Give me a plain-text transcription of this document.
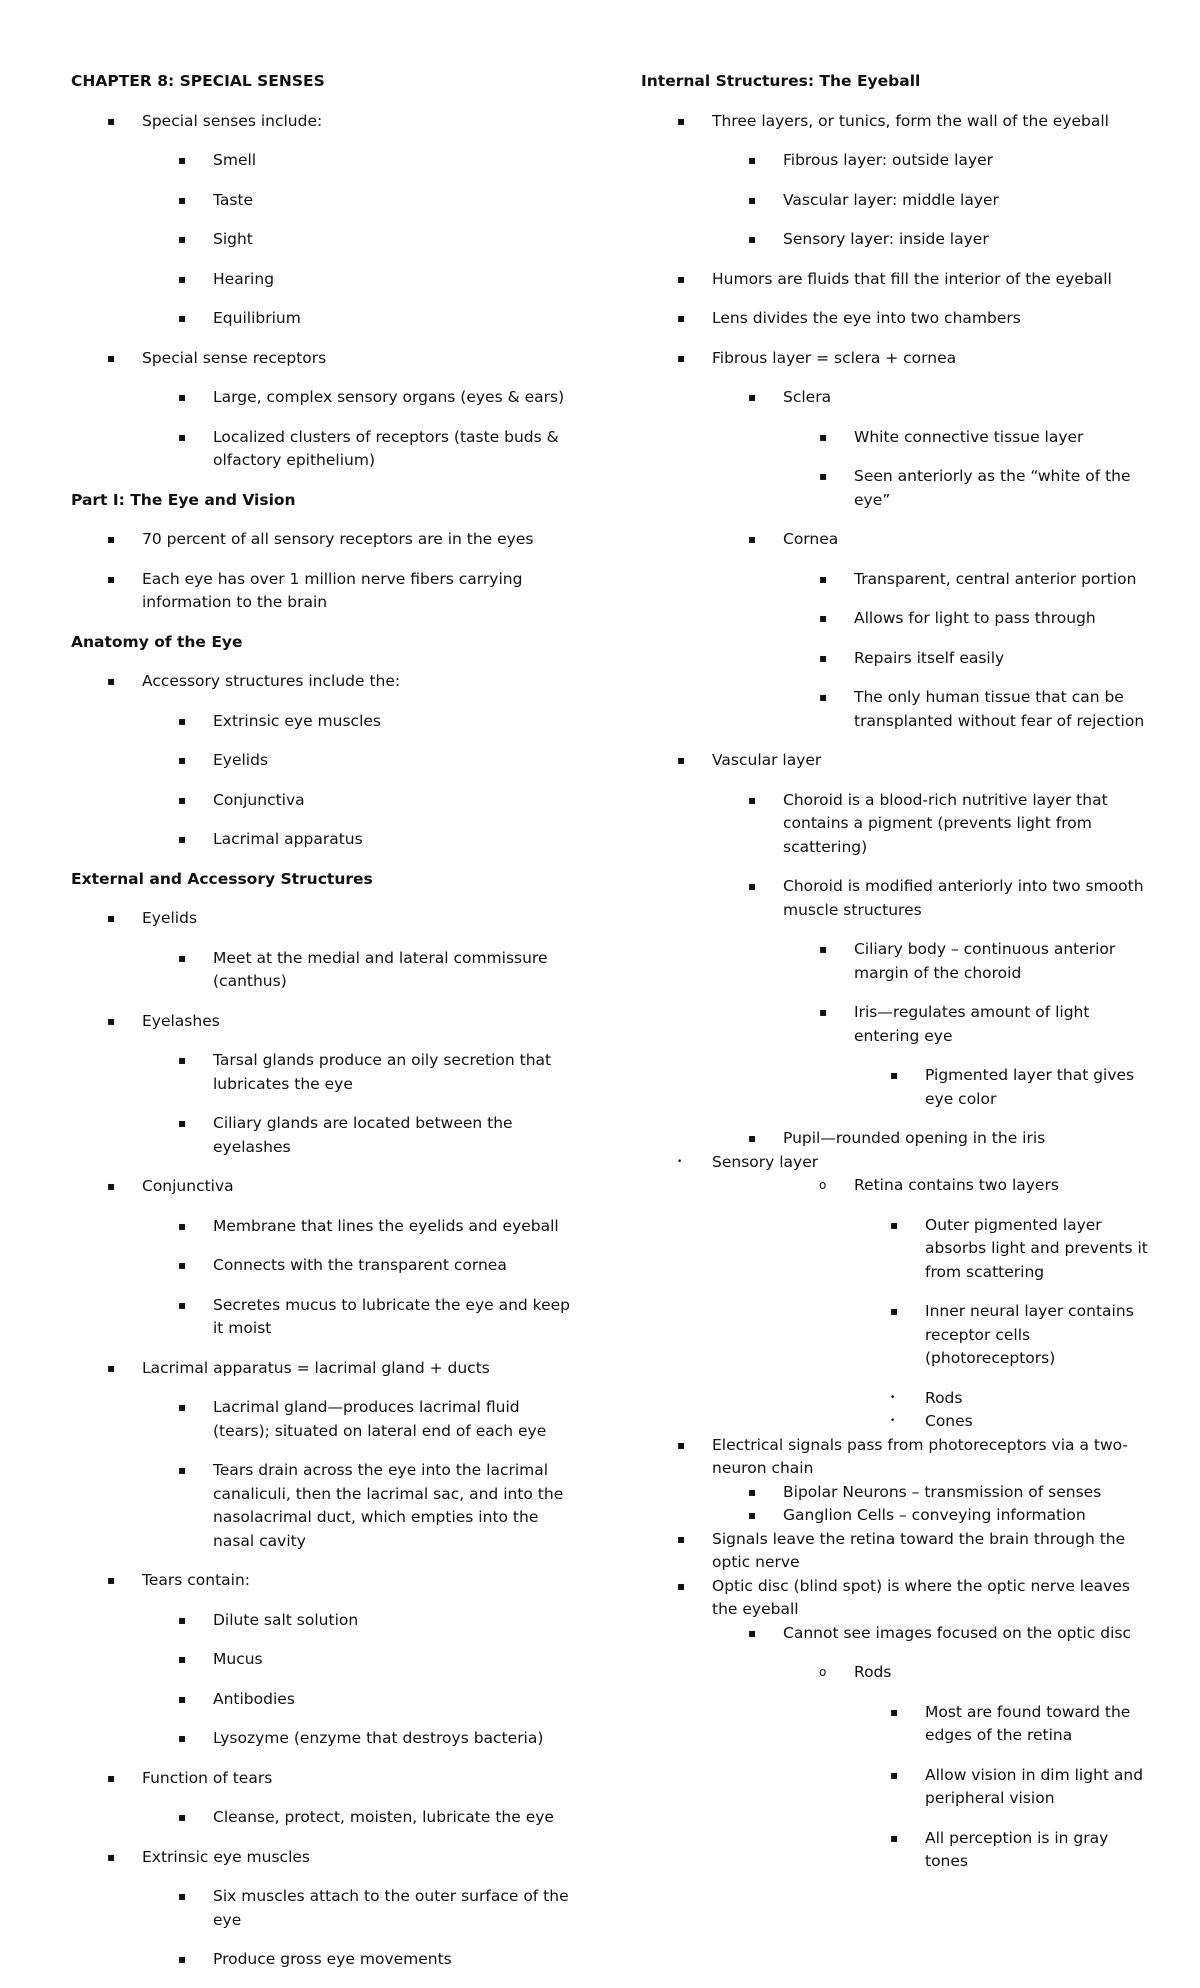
CHAPTER 8: SPECIAL SENSES
▪ Special senses include:
▪ Smell
▪ Taste
▪ Sight
▪ Hearing
▪ Equilibrium
▪ Special sense receptors
▪ Large, complex sensory organs (eyes & ears)
▪ Localized clusters of receptors (taste buds & olfactory epithelium)
Part I: The Eye and Vision
▪ 70 percent of all sensory receptors are in the eyes
▪ Each eye has over 1 million nerve fibers carrying information to the brain
Anatomy of the Eye
▪ Accessory structures include the:
▪ Extrinsic eye muscles
▪ Eyelids
▪ Conjunctiva
▪ Lacrimal apparatus
External and Accessory Structures
▪ Eyelids
▪ Meet at the medial and lateral commissure (canthus)
▪ Eyelashes
▪ Tarsal glands produce an oily secretion that lubricates the eye
▪ Ciliary glands are located between the eyelashes
▪ Conjunctiva
▪ Membrane that lines the eyelids and eyeball
▪ Connects with the transparent cornea
▪ Secretes mucus to lubricate the eye and keep it moist
▪ Lacrimal apparatus = lacrimal gland + ducts
▪ Lacrimal gland—produces lacrimal fluid (tears); situated on lateral end of each eye
▪ Tears drain across the eye into the lacrimal canaliculi, then the lacrimal sac, and into the nasolacrimal duct, which empties into the nasal cavity
▪ Tears contain:
▪ Dilute salt solution
▪ Mucus
▪ Antibodies
▪ Lysozyme (enzyme that destroys bacteria)
▪ Function of tears
▪ Cleanse, protect, moisten, lubricate the eye
▪ Extrinsic eye muscles
▪ Six muscles attach to the outer surface of the eye
▪ Produce gross eye movements
Internal Structures: The Eyeball
▪ Three layers, or tunics, form the wall of the eyeball
▪ Fibrous layer: outside layer
▪ Vascular layer: middle layer
▪ Sensory layer: inside layer
▪ Humors are fluids that fill the interior of the eyeball
▪ Lens divides the eye into two chambers
▪ Fibrous layer = sclera + cornea
▪ Sclera
▪ White connective tissue layer
▪ Seen anteriorly as the “white of the eye”
▪ Cornea
▪ Transparent, central anterior portion
▪ Allows for light to pass through
▪ Repairs itself easily
▪ The only human tissue that can be transplanted without fear of rejection
▪ Vascular layer
▪ Choroid is a blood-rich nutritive layer that contains a pigment (prevents light from scattering)
▪ Choroid is modified anteriorly into two smooth muscle structures
▪ Ciliary body – continuous anterior margin of the choroid
▪ Iris—regulates amount of light entering eye
▪ Pigmented layer that gives eye color
▪ Pupil—rounded opening in the iris
• Sensory layer
o Retina contains two layers
▪ Outer pigmented layer absorbs light and prevents it from scattering
▪ Inner neural layer contains receptor cells (photoreceptors)
• Rods
• Cones
▪ Electrical signals pass from photoreceptors via a two-neuron chain
▪ Bipolar Neurons – transmission of senses
▪ Ganglion Cells – conveying information
▪ Signals leave the retina toward the brain through the optic nerve
▪ Optic disc (blind spot) is where the optic nerve leaves the eyeball
▪ Cannot see images focused on the optic disc
o Rods
▪ Most are found toward the edges of the retina
▪ Allow vision in dim light and peripheral vision
▪ All perception is in gray tones
